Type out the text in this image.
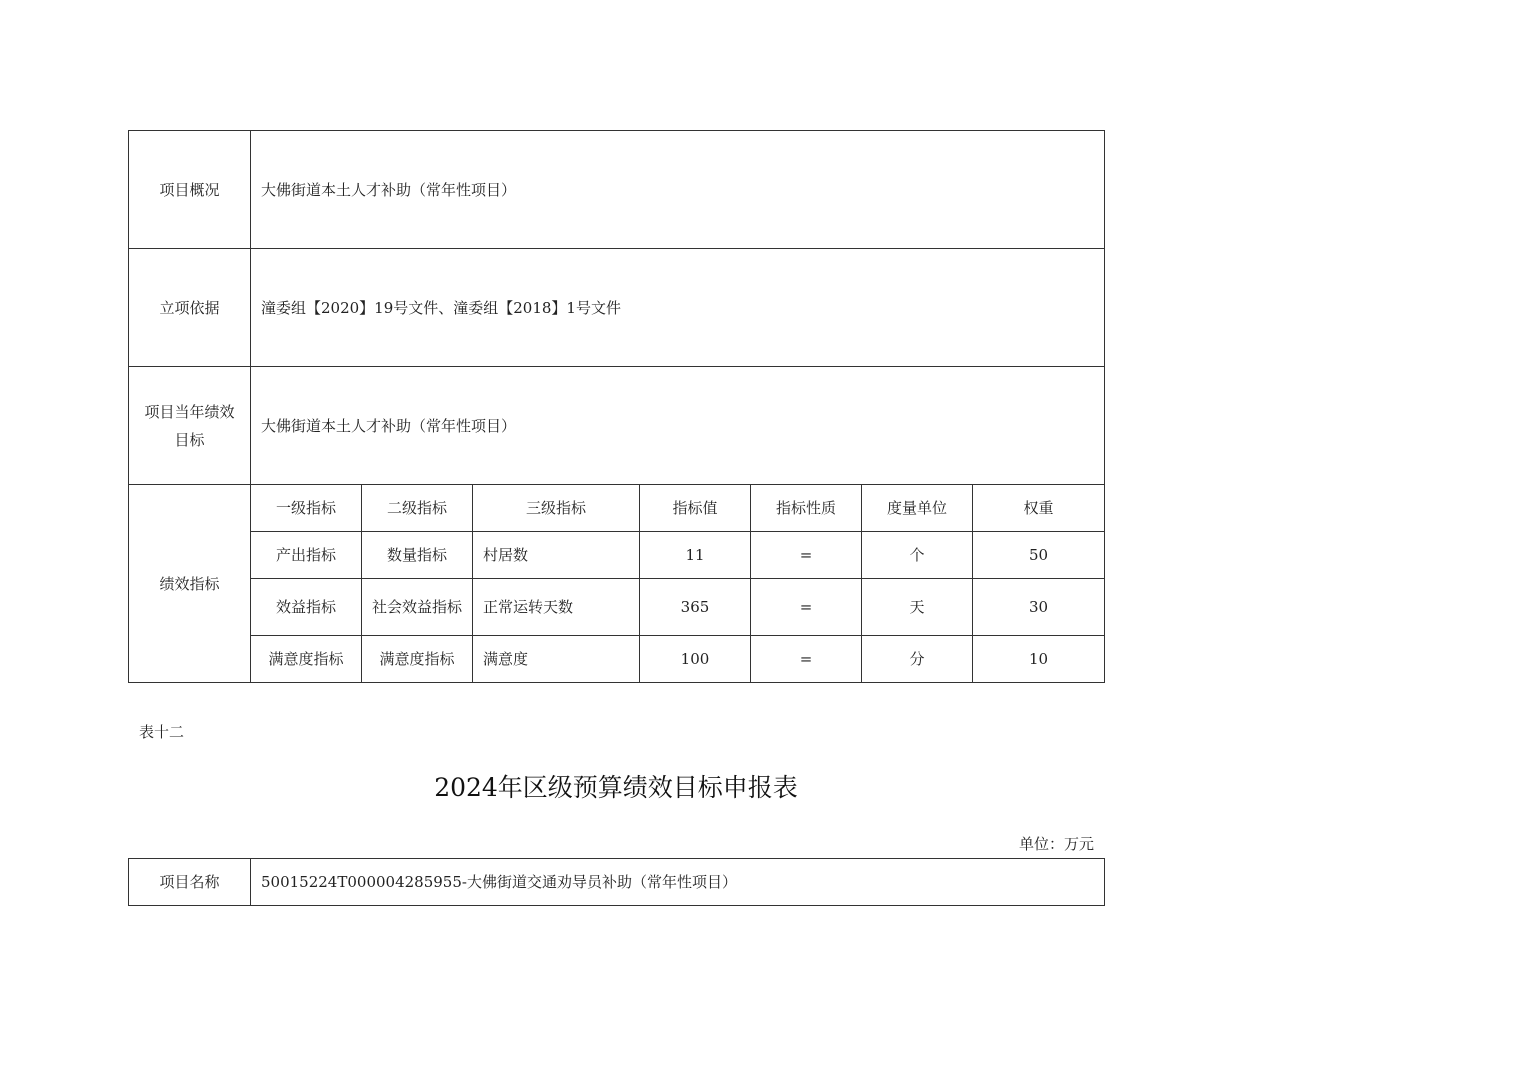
项目概况	大佛街道本土人才补助（常年性项目）						
立项依据	潼委组【2020】19号文件、潼委组【2018】1号文件						
项目当年绩效目标	大佛街道本土人才补助（常年性项目）						
绩效指标	一级指标	二级指标	三级指标	指标值	指标性质	度量单位	权重
	产出指标	数量指标	村居数	11	=	个	50
	效益指标	社会效益指标	正常运转天数	365	=	天	30
	满意度指标	满意度指标	满意度	100	=	分	10
表十二
2024年区级预算绩效目标申报表
单位：万元
项目名称	50015224T000004285955-大佛街道交通劝导员补助（常年性项目）
